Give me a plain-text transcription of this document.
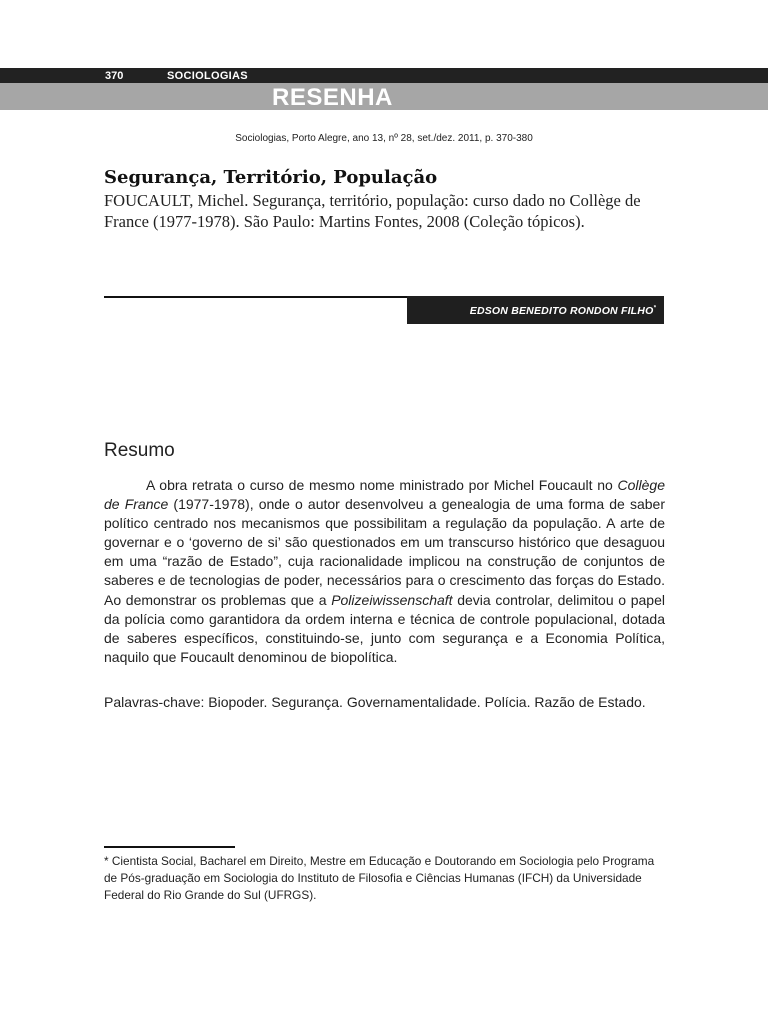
370	SOCIOLOGIAS
RESENHA
Sociologias, Porto Alegre, ano 13, nº 28, set./dez. 2011, p. 370-380
Segurança, Território, População
FOUCAULT, Michel. Segurança, território, população: curso dado no Collège de France (1977-1978). São Paulo: Martins Fontes, 2008 (Coleção tópicos).
EDSON BENEDITO RONDON FILHO*
Resumo

A obra retrata o curso de mesmo nome ministrado por Michel Foucault no Collège de France (1977-1978), onde o autor desenvolveu a genealogia de uma forma de saber político centrado nos mecanismos que possibilitam a regulação da população. A arte de governar e o ‘governo de si’ são questionados em um transcurso histórico que desaguou em uma “razão de Estado”, cuja racionalidade implicou na construção de conjuntos de saberes e de tecnologias de poder, necessários para o crescimento das forças do Estado. Ao demonstrar os problemas que a Polizeiwissenschaft devia controlar, delimitou o papel da polícia como garantidora da ordem interna e técnica de controle populacional, dotada de saberes específicos, constituindo-se, junto com segurança e a Economia Política, naquilo que Foucault denominou de biopolítica.

Palavras-chave: Biopoder. Segurança. Governamentalidade. Polícia. Razão de Estado.
* Cientista Social, Bacharel em Direito, Mestre em Educação e Doutorando em Sociologia pelo Programa de Pós-graduação em Sociologia do Instituto de Filosofia e Ciências Humanas (IFCH) da Universidade Federal do Rio Grande do Sul (UFRGS).
